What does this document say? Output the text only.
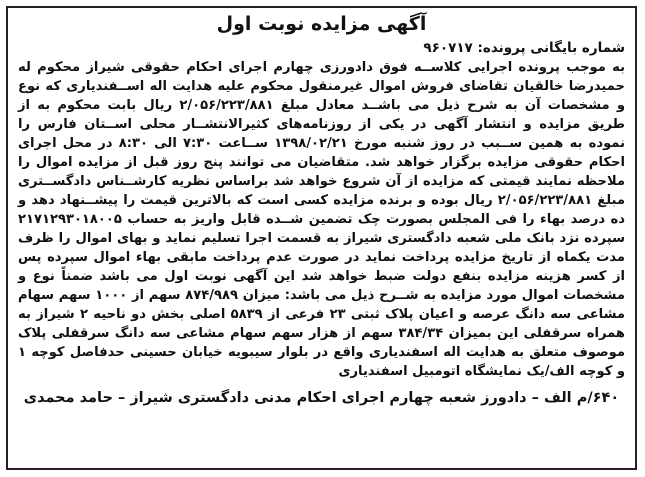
آگهی مزایده نوبت اول
شماره بایگانی پرونده: ۹۶۰۷۱۷
به موجب پرونده اجرایی کلاســه فوق دادورزی چهارم اجرای احکام حقوقی شیراز محکوم له حمیدرضا خالقیان تقاضای فروش اموال غیرمنقول محکوم علیه هدایت اله اســفندیاری که نوع و مشخصات آن به شرح ذیل می باشــد معادل مبلغ ۲/۰۵۶/۲۲۳/۸۸۱ ریال بابت محکوم به از طریق مزایده و انتشار آگهی در یکی از روزنامه‌های کثیرالانتشــار محلی اســتان فارس را نموده به همین ســبب در روز شنبه مورخ ۱۳۹۸/۰۲/۲۱ ســاعت ۷:۳۰ الی ۸:۳۰ در محل اجرای احکام حقوقی مزایده برگزار خواهد شد. متقاضیان می توانند پنج روز قبل از مزایده اموال را ملاحظه نمایند قیمتی که مزایده از آن شروع خواهد شد براساس نظریه کارشــناس دادگســتری مبلغ ۲/۰۵۶/۲۲۳/۸۸۱ ریال بوده و برنده مزایده کسی است که بالاترین قیمت را پیشــنهاد دهد و ده درصد بهاء را فی المجلس بصورت چک تضمین شــده قابل واریز به حساب ۲۱۷۱۲۹۳۰۱۸۰۰۵ سپرده نزد بانک ملی شعبه دادگستری شیراز به قسمت اجرا تسلیم نماید و بهای اموال را ظرف مدت یکماه از تاریخ مزایده پرداخت نماید در صورت عدم پرداخت مابقی بهاء اموال سپرده پس از کسر هزینه مزایده بنفع دولت ضبط خواهد شد این آگهی نوبت اول می باشد ضمناً نوع و مشخصات اموال مورد مزایده به شــرح ذیل می باشد: میزان ۸۷۴/۹۸۹ سهم از ۱۰۰۰ سهم سهام مشاعی سه دانگ عرصه و اعیان پلاک ثبتی ۲۳ فرعی از ۵۸۳۹ اصلی بخش دو ناحیه ۲ شیراز به همراه سرقفلی این بمیزان ۳۸۴/۳۴ سهم از هزار سهم سهام مشاعی سه دانگ سرقفلی پلاک موصوف متعلق به هدایت اله اسفندیاری واقع در بلوار سیبویه خیابان حسینی حدفاصل کوچه ۱ و کوچه الف/یک نمایشگاه اتومبیل اسفندیاری
۶۴۰/م الف – دادورز شعبه چهارم اجرای احکام مدنی دادگستری شیراز – حامد محمدی
